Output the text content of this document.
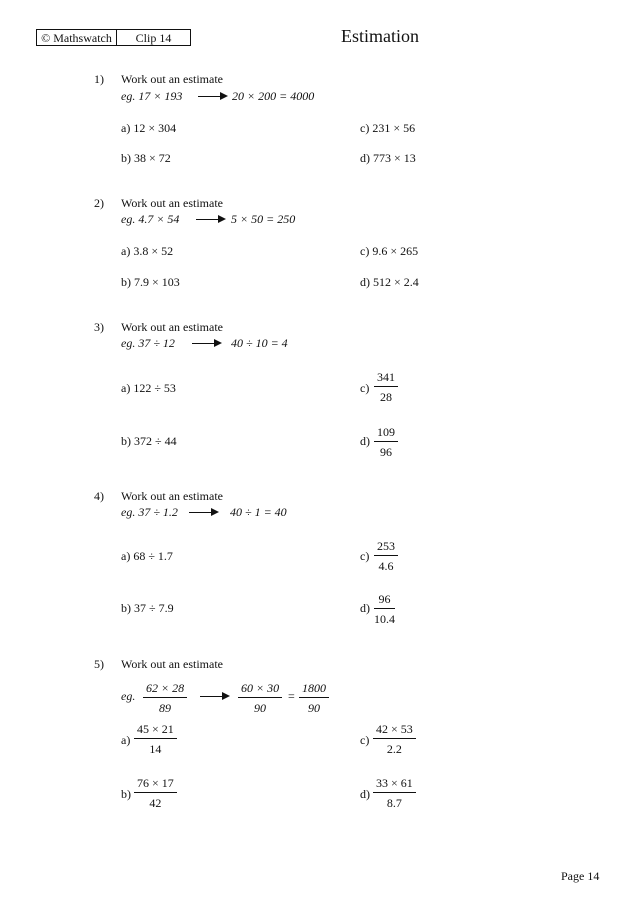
© Mathswatch	Clip 14	Estimation
1) Work out an estimate
eg. 17 × 193	20 × 200 = 4000
a) 12 × 304
b) 38 × 72
c) 231 × 56
d) 773 × 13
2) Work out an estimate
eg. 4.7 × 54	5 × 50 = 250
a) 3.8 × 52
b) 7.9 × 103
c) 9.6 × 265
d) 512 × 2.4
3) Work out an estimate
eg. 37 ÷ 12	40 ÷ 10 = 4
a) 122 ÷ 53
b) 372 ÷ 44
c)
341
28
d)
109
96
4) Work out an estimate
eg. 37 ÷ 1.2	40 ÷ 1 = 40
a) 68 ÷ 1.7
b) 37 ÷ 7.9
c)
253
4.6
d)
96
10.4
5) Work out an estimate
eg.
62 × 28
89
60 × 30
90
=
1800
90
a)
45 × 21
14
b)
76 × 17
42
c)
42 × 53
2.2
d)
33 × 61
8.7
Page 14
